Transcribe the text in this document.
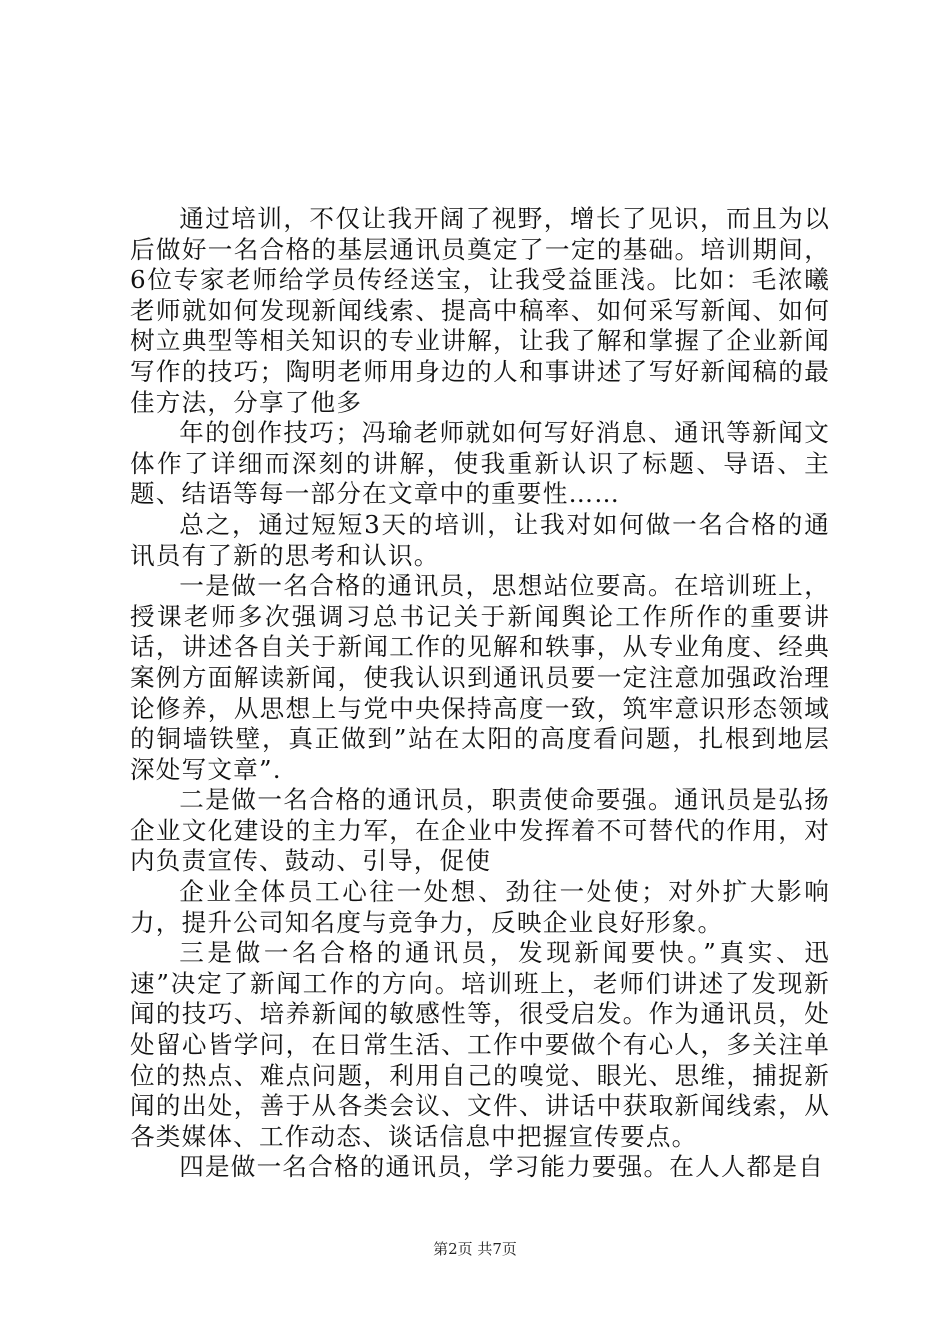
通过培训，不仅让我开阔了视野，增长了见识，而且为以后做好一名合格的基层通讯员奠定了一定的基础。培训期间，6位专家老师给学员传经送宝，让我受益匪浅。比如：毛浓曦老师就如何发现新闻线索、提高中稿率、如何采写新闻、如何树立典型等相关知识的专业讲解，让我了解和掌握了企业新闻写作的技巧；陶明老师用身边的人和事讲述了写好新闻稿的最佳方法，分享了他多

年的创作技巧；冯瑜老师就如何写好消息、通讯等新闻文体作了详细而深刻的讲解，使我重新认识了标题、导语、主题、结语等每一部分在文章中的重要性……

总之，通过短短3天的培训，让我对如何做一名合格的通讯员有了新的思考和认识。

一是做一名合格的通讯员，思想站位要高。在培训班上，授课老师多次强调习总书记关于新闻舆论工作所作的重要讲话，讲述各自关于新闻工作的见解和轶事，从专业角度、经典案例方面解读新闻，使我认识到通讯员要一定注意加强政治理论修养，从思想上与党中央保持高度一致，筑牢意识形态领域的铜墙铁壁，真正做到”站在太阳的高度看问题，扎根到地层深处写文章”.

二是做一名合格的通讯员，职责使命要强。通讯员是弘扬企业文化建设的主力军，在企业中发挥着不可替代的作用，对内负责宣传、鼓动、引导，促使

企业全体员工心往一处想、劲往一处使；对外扩大影响力，提升公司知名度与竞争力，反映企业良好形象。

三是做一名合格的通讯员，发现新闻要快。”真实、迅速”决定了新闻工作的方向。培训班上，老师们讲述了发现新闻的技巧、培养新闻的敏感性等，很受启发。作为通讯员，处处留心皆学问，在日常生活、工作中要做个有心人，多关注单位的热点、难点问题，利用自己的嗅觉、眼光、思维，捕捉新闻的出处，善于从各类会议、文件、讲话中获取新闻线索，从各类媒体、工作动态、谈话信息中把握宣传要点。

四是做一名合格的通讯员，学习能力要强。在人人都是自

第2页 共7页
